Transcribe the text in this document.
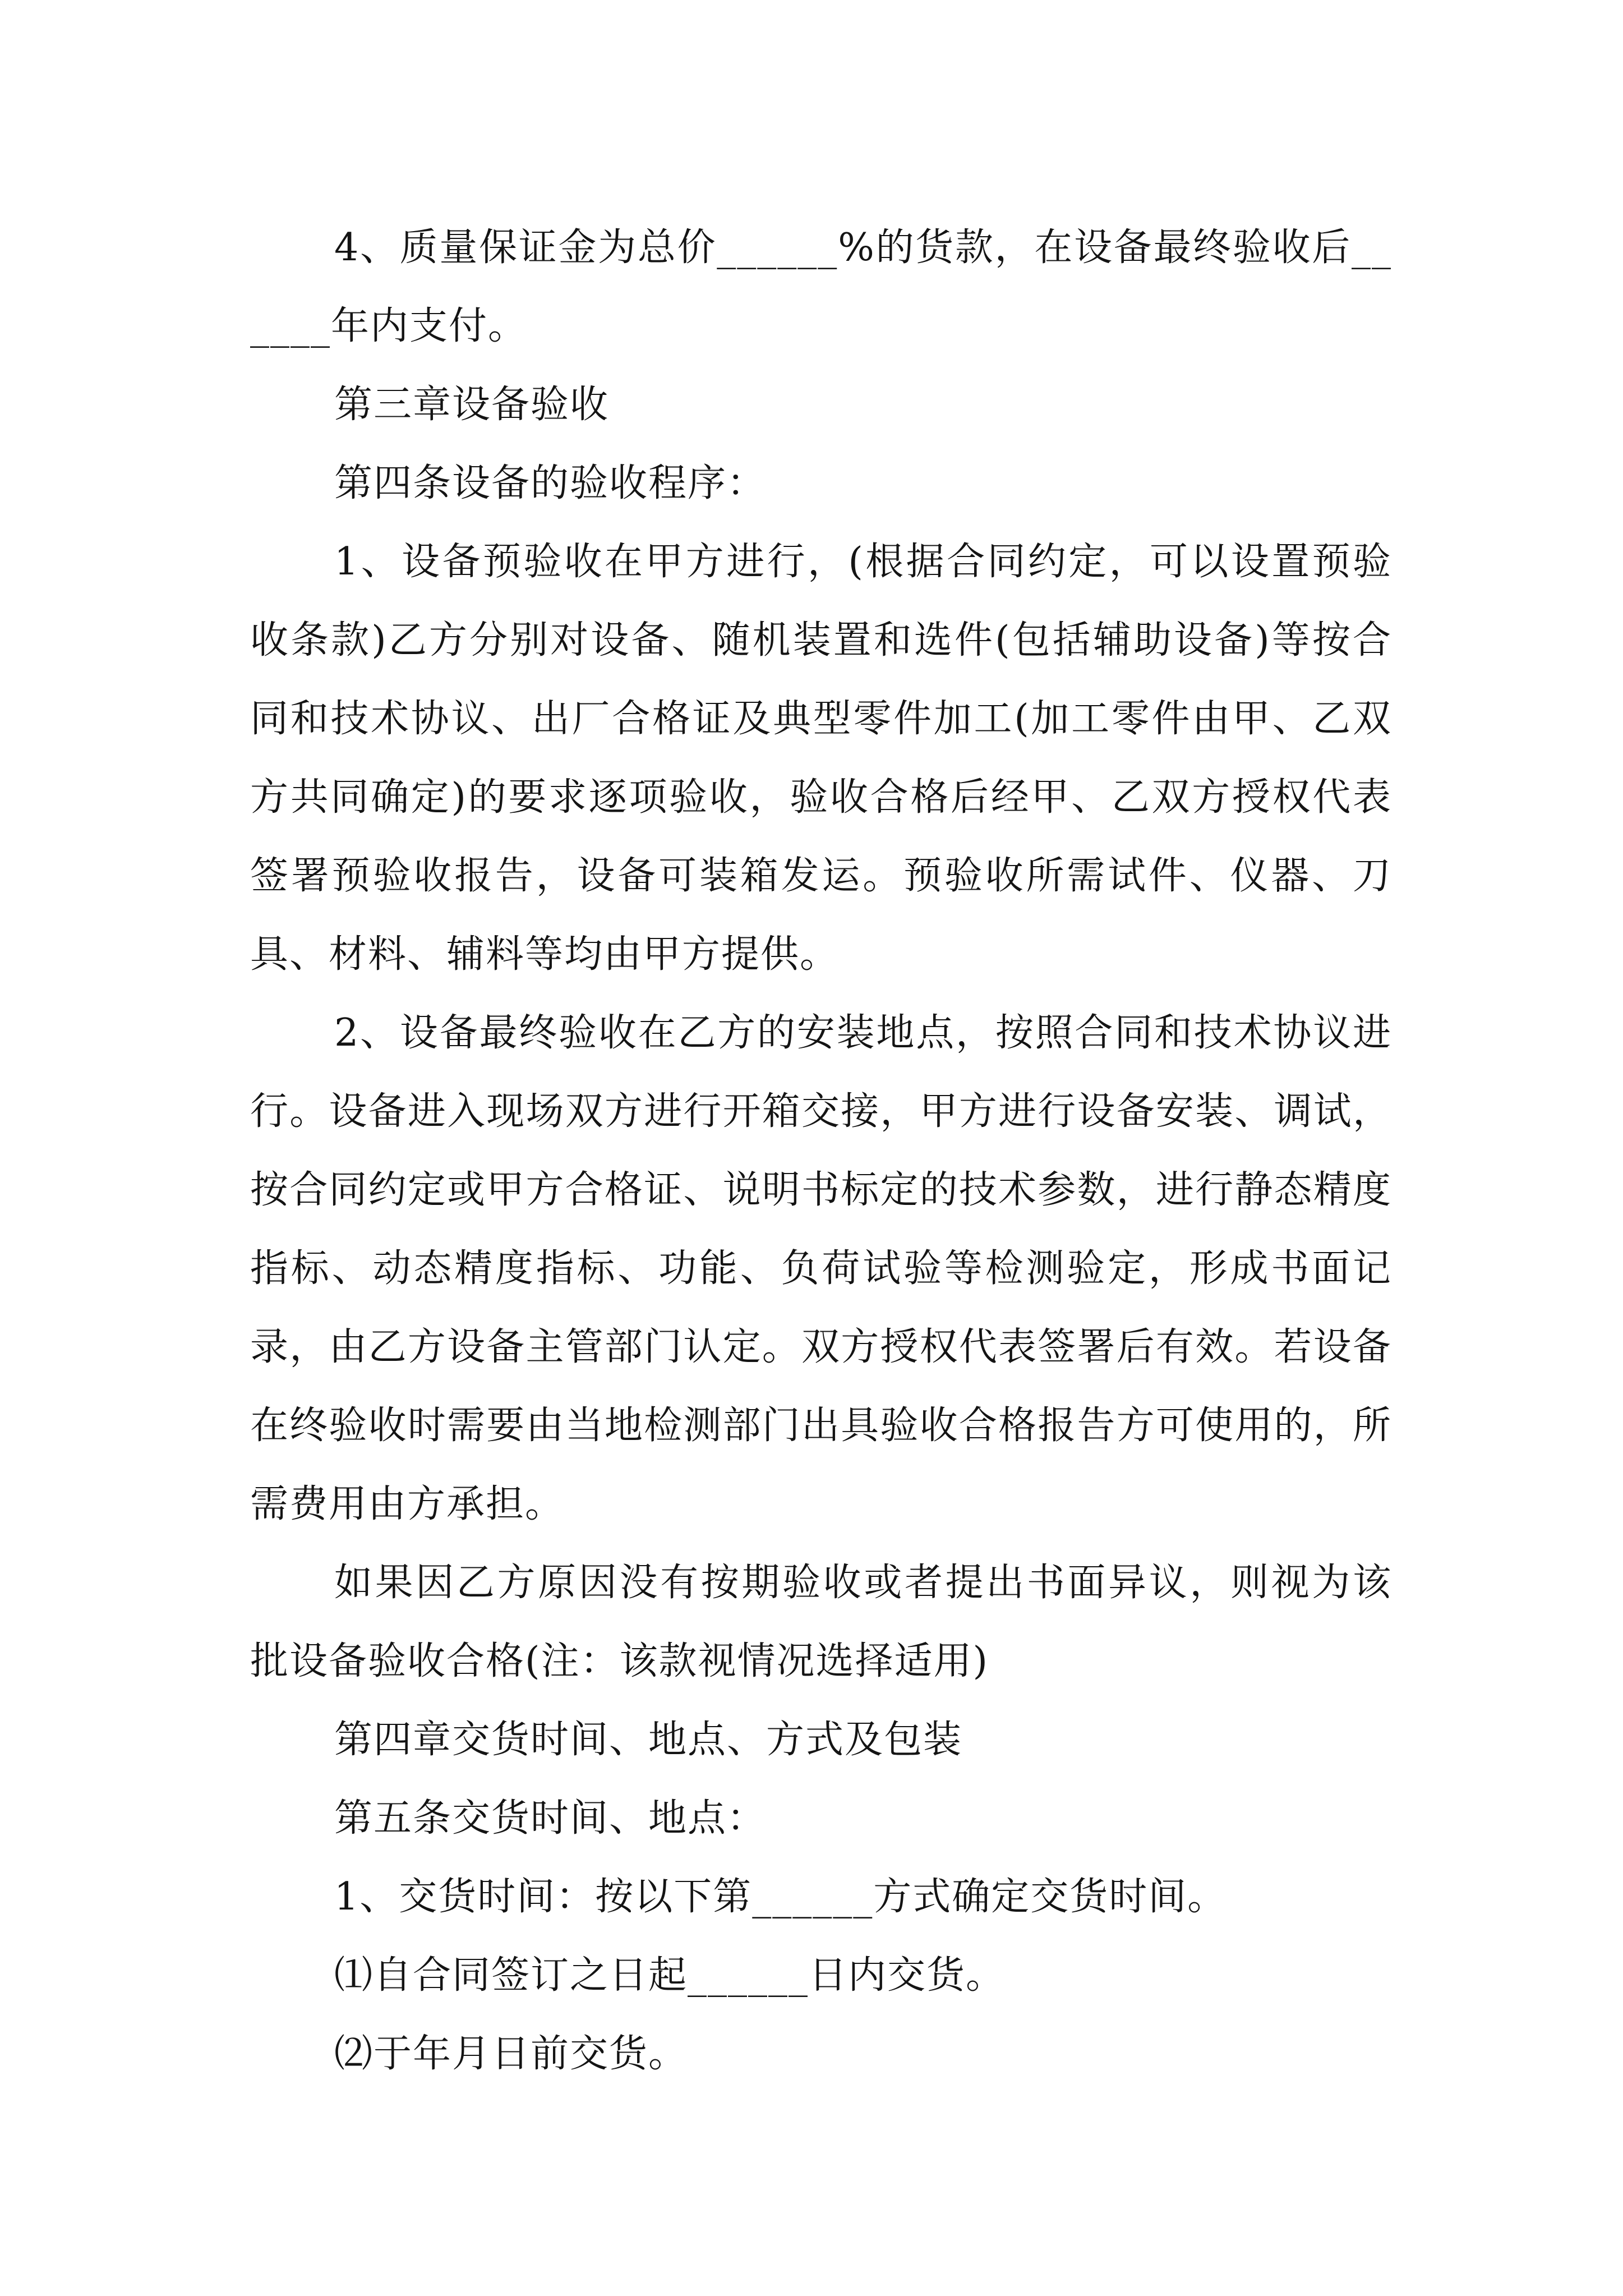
4、质量保证金为总价______%的货款，在设备最终验收后______年内支付。

第三章设备验收

第四条设备的验收程序：

1、设备预验收在甲方进行，(根据合同约定，可以设置预验收条款)乙方分别对设备、随机装置和选件(包括辅助设备)等按合同和技术协议、出厂合格证及典型零件加工(加工零件由甲、乙双方共同确定)的要求逐项验收，验收合格后经甲、乙双方授权代表签署预验收报告，设备可装箱发运。预验收所需试件、仪器、刀具、材料、辅料等均由甲方提供。

2、设备最终验收在乙方的安装地点，按照合同和技术协议进行。设备进入现场双方进行开箱交接，甲方进行设备安装、调试，按合同约定或甲方合格证、说明书标定的技术参数，进行静态精度指标、动态精度指标、功能、负荷试验等检测验定，形成书面记录，由乙方设备主管部门认定。双方授权代表签署后有效。若设备在终验收时需要由当地检测部门出具验收合格报告方可使用的，所需费用由方承担。

如果因乙方原因没有按期验收或者提出书面异议，则视为该批设备验收合格(注：该款视情况选择适用)

第四章交货时间、地点、方式及包装

第五条交货时间、地点：

1、交货时间：按以下第______方式确定交货时间。

⑴自合同签订之日起______日内交货。

⑵于年月日前交货。
